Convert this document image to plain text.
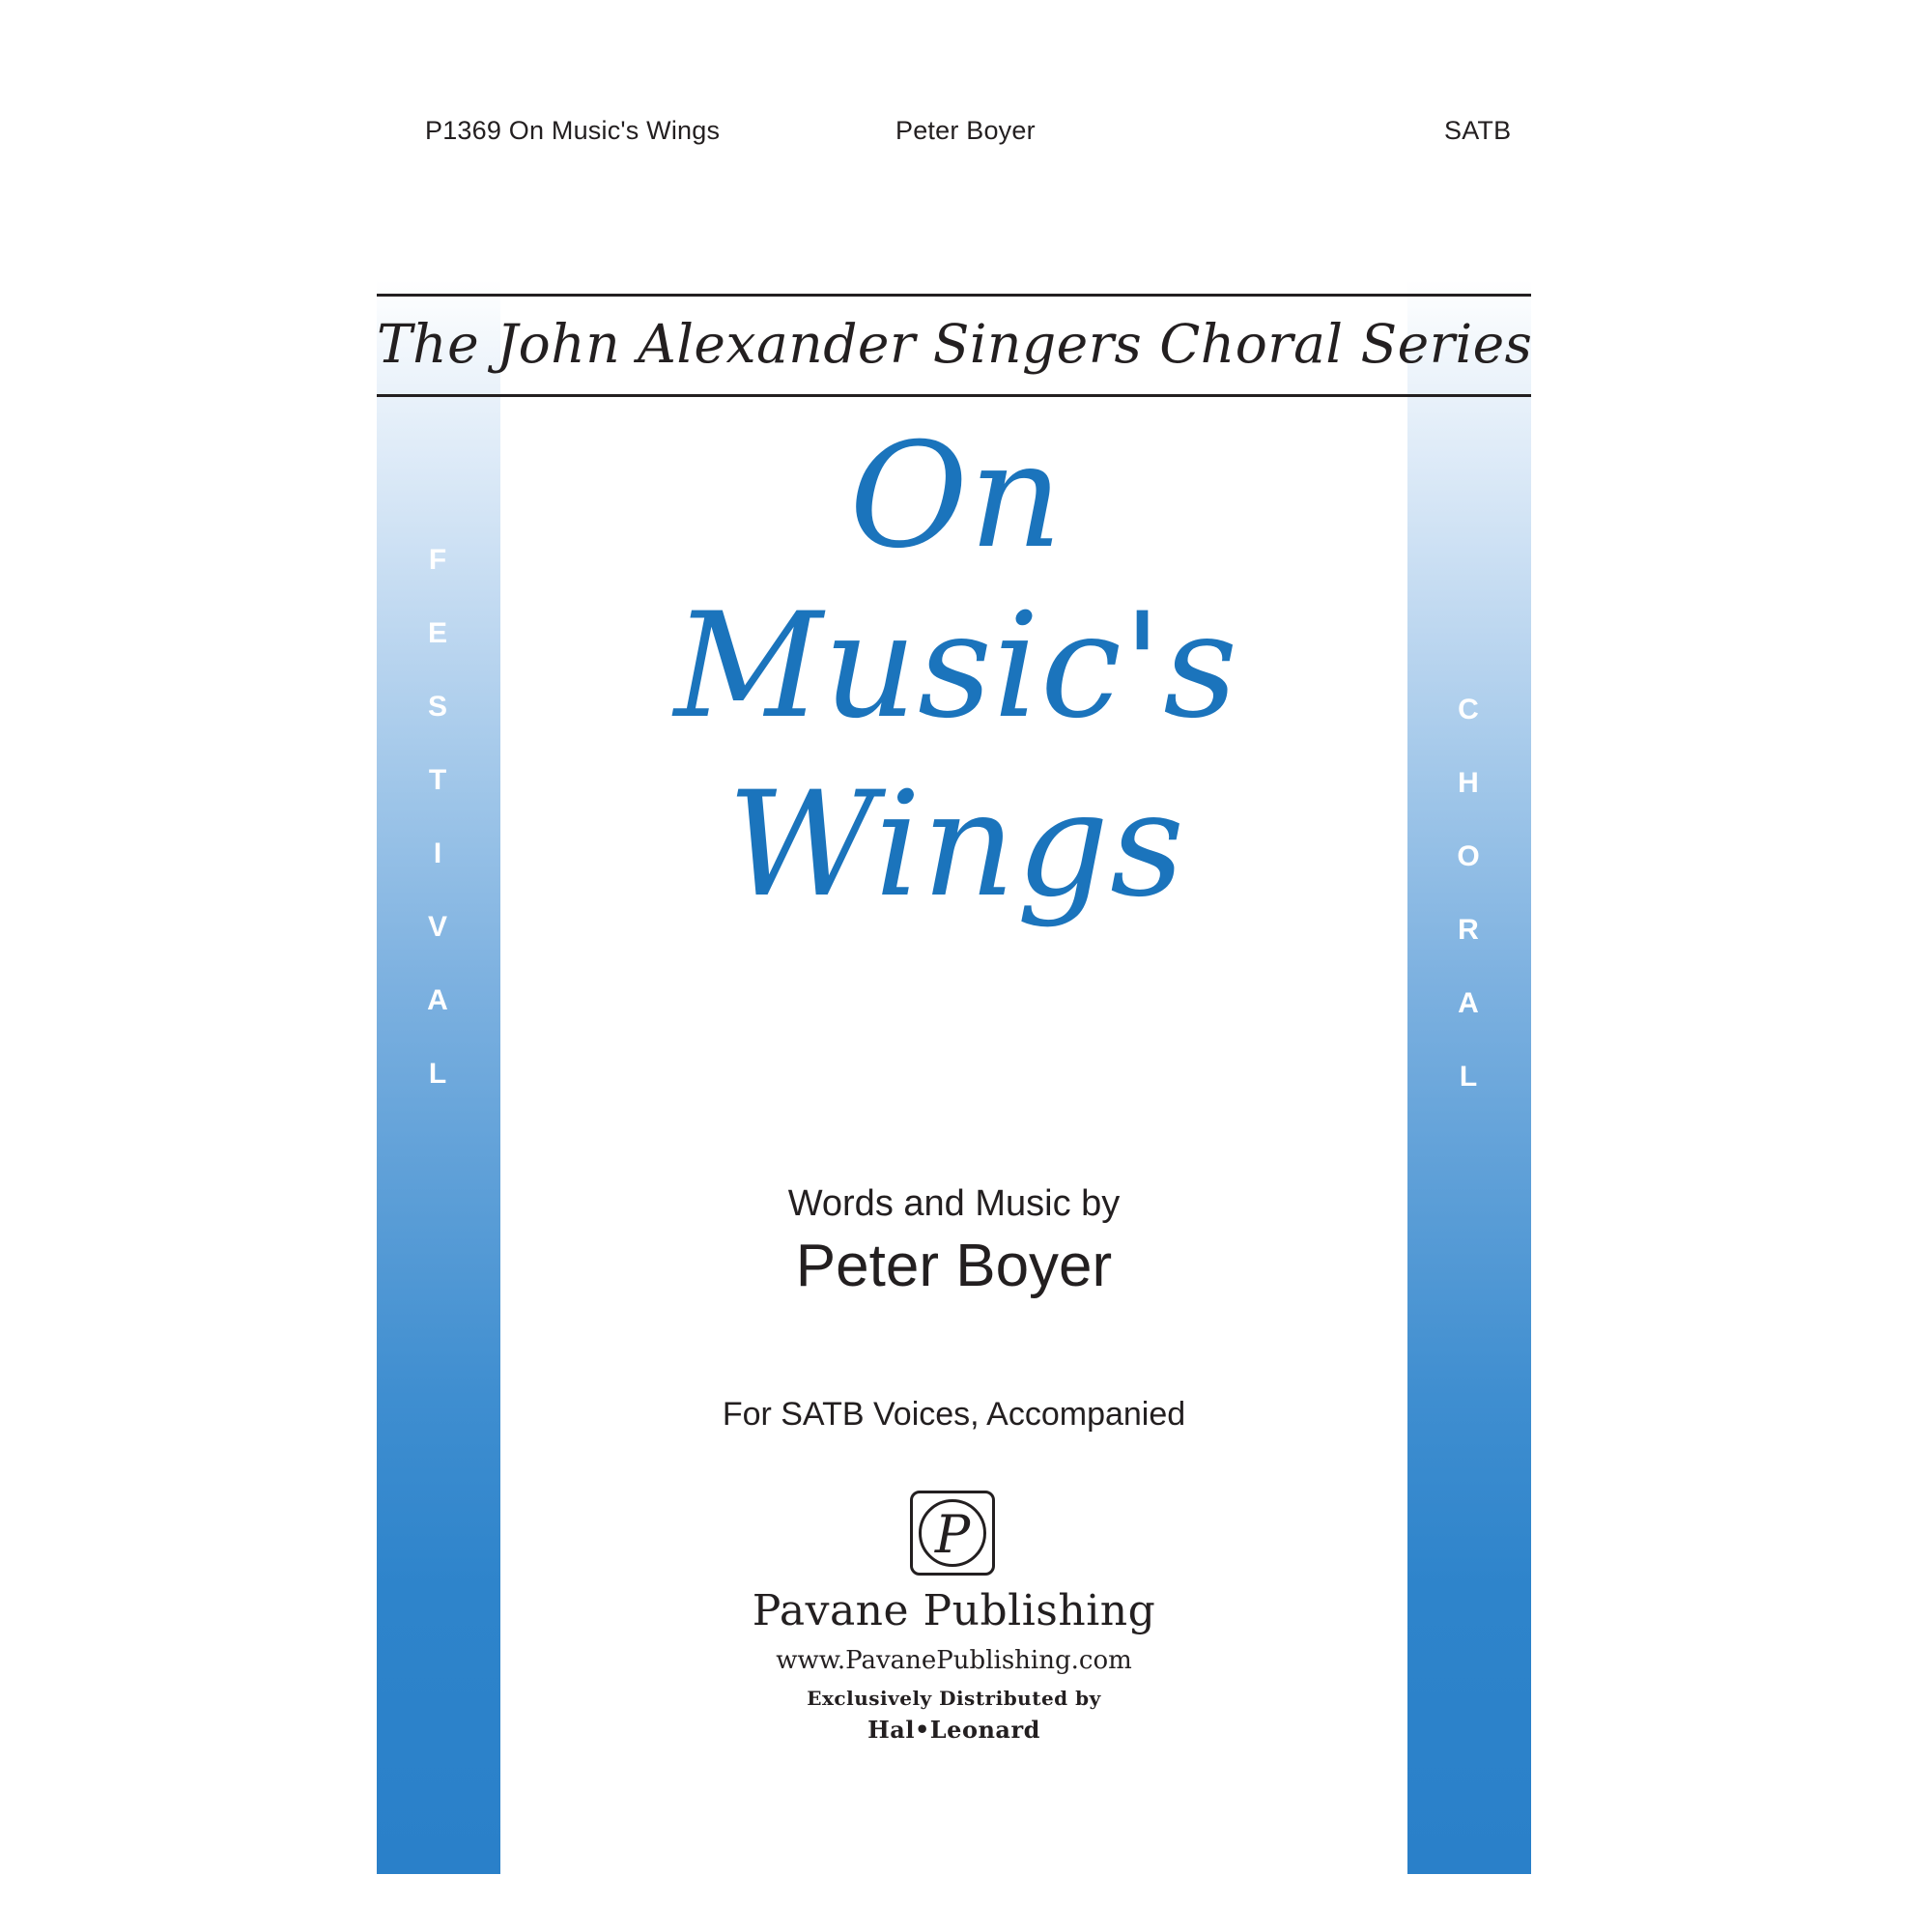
P1369 On Music's Wings	Peter Boyer	SATB
F
E
S
T
I
V
A
L
C
H
O
R
A
L
The John Alexander Singers Choral Series
On
Music's
Wings
Words and Music by
Peter Boyer
For SATB Voices, Accompanied
P
Pavane Publishing
www.PavanePublishing.com
Exclusively Distributed by
Hal•Leonard
